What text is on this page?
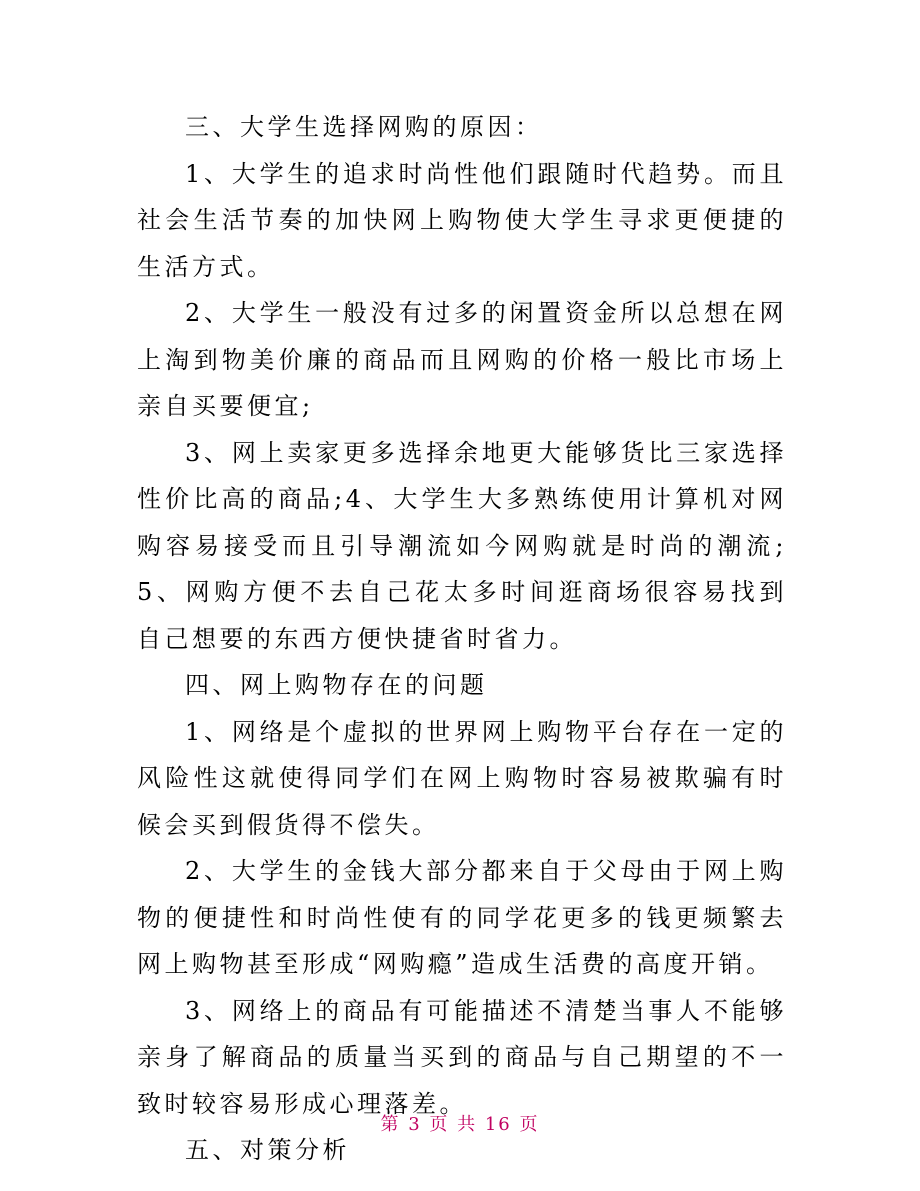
三、大学生选择网购的原因：

1、大学生的追求时尚性他们跟随时代趋势。而且社会生活节奏的加快网上购物使大学生寻求更便捷的生活方式。

2、大学生一般没有过多的闲置资金所以总想在网上淘到物美价廉的商品而且网购的价格一般比市场上亲自买要便宜;

3、网上卖家更多选择余地更大能够货比三家选择性价比高的商品;4、大学生大多熟练使用计算机对网购容易接受而且引导潮流如今网购就是时尚的潮流;5、网购方便不去自己花太多时间逛商场很容易找到自己想要的东西方便快捷省时省力。

四、网上购物存在的问题

1、网络是个虚拟的世界网上购物平台存在一定的风险性这就使得同学们在网上购物时容易被欺骗有时候会买到假货得不偿失。

2、大学生的金钱大部分都来自于父母由于网上购物的便捷性和时尚性使有的同学花更多的钱更频繁去网上购物甚至形成“网购瘾”造成生活费的高度开销。

3、网络上的商品有可能描述不清楚当事人不能够亲身了解商品的质量当买到的商品与自己期望的不一致时较容易形成心理落差。

五、对策分析

第 3 页 共 16 页
